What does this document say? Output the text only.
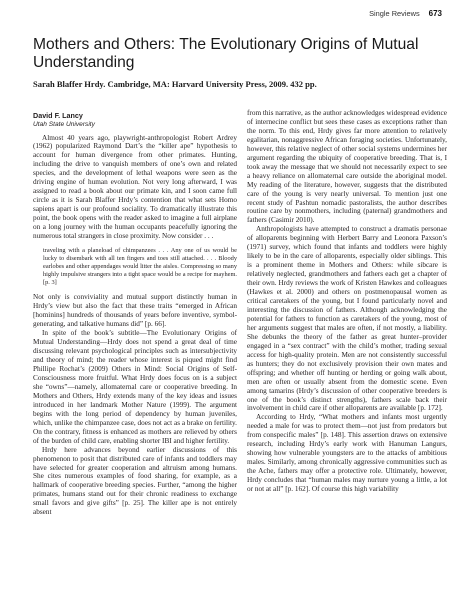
Single Reviews 673
Mothers and Others: The Evolutionary Origins of Mutual Understanding

Sarah Blaffer Hrdy. Cambridge, MA: Harvard University Press, 2009. 432 pp.

David F. Lancy

Utah State University

Almost 40 years ago, playwright-anthropologist Robert Ardrey (1962) popularized Raymond Dart’s the “killer ape” hypothesis to account for human divergence from other primates. Hunting, including the drive to vanquish members of one’s own and related species, and the development of lethal weapons were seen as the driving engine of human evolution. Not very long afterward, I was assigned to read a book about our primate kin, and I soon came full circle as it is Sarah Blaffer Hrdy’s contention that what sets Homo sapiens apart is our profound sociality. To dramatically illustrate this point, the book opens with the reader asked to imagine a full airplane on a long journey with the human occupants peacefully ignoring the numerous total strangers in close proximity. Now consider . . .

traveling with a planeload of chimpanzees . . . Any one of us would be lucky to disembark with all ten fingers and toes still attached. . . . Bloody earlobes and other appendages would litter the aisles. Compressing so many highly impulsive strangers into a tight space would be a recipe for mayhem. [p. 3]

Not only is conviviality and mutual support distinctly human in Hrdy’s view but also the fact that these traits “emerged in African [hominins] hundreds of thousands of years before inventive, symbol-generating, and talkative humans did” [p. 66].

In spite of the book’s subtitle—The Evolutionary Origins of Mutual Understanding—Hrdy does not spend a great deal of time discussing relevant psychological principles such as intersubjectivity and theory of mind; the reader whose interest is piqued might find Phillipe Rochat’s (2009) Others in Mind: Social Origins of Self-Consciousness more fruitful. What Hrdy does focus on is a subject she “owns”—namely, allomaternal care or cooperative breeding. In Mothers and Others, Hrdy extends many of the key ideas and issues introduced in her landmark Mother Nature (1999). The argument begins with the long period of dependency by human juveniles, which, unlike the chimpanzee case, does not act as a brake on fertility. On the contrary, fitness is enhanced as mothers are relieved by others of the burden of child care, enabling shorter IBI and higher fertility.

Hrdy here advances beyond earlier discussions of this phenomenon to posit that distributed care of infants and toddlers may have selected for greater cooperation and altruism among humans. She cites numerous examples of food sharing, for example, as a hallmark of cooperative breeding species. Further, “among the higher primates, humans stand out for their chronic readiness to exchange small favors and give gifts” [p. 25]. The killer ape is not entirely absent

from this narrative, as the author acknowledges widespread evidence of internecine conflict but sees these cases as exceptions rather than the norm. To this end, Hrdy gives far more attention to relatively egalitarian, nonaggressive African foraging societies. Unfortunately, however, this relative neglect of other social systems undermines her argument regarding the ubiquity of cooperative breeding. That is, I took away the message that we should not necessarily expect to see a heavy reliance on allomaternal care outside the aboriginal model. My reading of the literature, however, suggests that the distributed care of the young is very nearly universal. To mention just one recent study of Pashtun nomadic pastoralists, the author describes routine care by nonmothers, including (paternal) grandmothers and fathers (Casimir 2010).

Anthropologists have attempted to construct a dramatis personae of alloparents beginning with Herbert Barry and Leonora Paxson’s (1971) survey, which found that infants and toddlers were highly likely to be in the care of alloparents, especially older siblings. This is a prominent theme in Mothers and Others: while sibcare is relatively neglected, grandmothers and fathers each get a chapter of their own. Hrdy reviews the work of Kristen Hawkes and colleagues (Hawkes et al. 2000) and others on postmenopausal women as critical caretakers of the young, but I found particularly novel and interesting the discussion of fathers. Although acknowledging the potential for fathers to function as caretakers of the young, most of her arguments suggest that males are often, if not mostly, a liability. She debunks the theory of the father as great hunter–provider engaged in a “sex contract” with the child’s mother, trading sexual access for high-quality protein. Men are not consistently successful as hunters; they do not exclusively provision their own mates and offspring; and whether off hunting or herding or going walk about, men are often or usually absent from the domestic scene. Even among tamarins (Hrdy’s discussion of other cooperative breeders is one of the book’s distinct strengths), fathers scale back their involvement in child care if other alloparents are available [p. 172].

According to Hrdy, “What mothers and infants most urgently needed a male for was to protect them—not just from predators but from conspecific males” [p. 148]. This assertion draws on extensive research, including Hrdy’s early work with Hanuman Langurs, showing how vulnerable youngsters are to the attacks of ambitious males. Similarly, among chronically aggressive communities such as the Ache, fathers may offer a protective role. Ultimately, however, Hrdy concludes that “human males may nurture young a little, a lot or not at all” [p. 162]. Of course this high variability
